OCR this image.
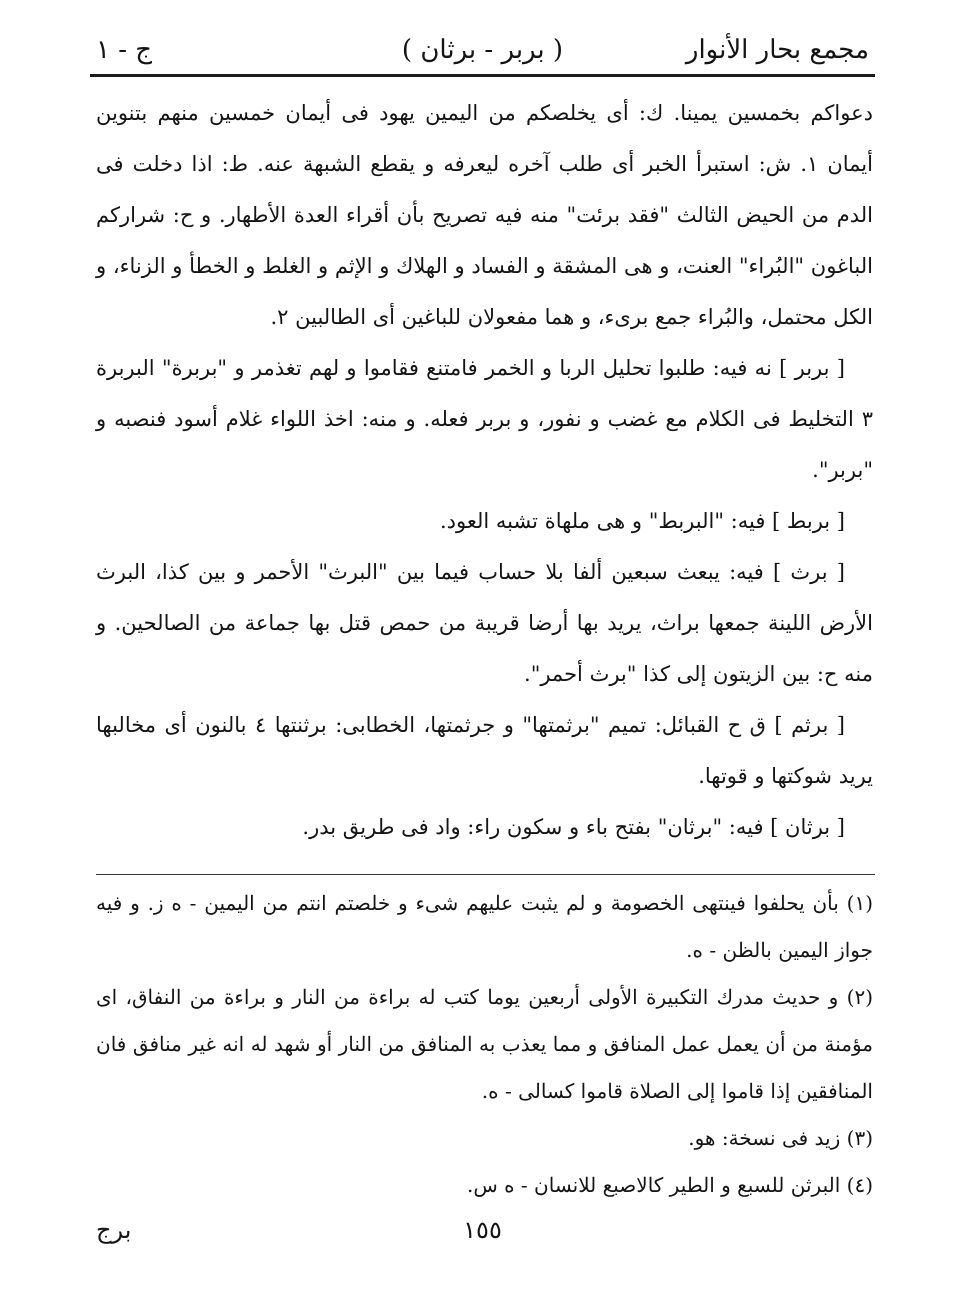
مجمع بحار الأنوار
( بربر - برثان )
ج - ١

دعواكم بخمسين يمينا. ك: أى يخلصكم من اليمين يهود فى أيمان خمسين منهم بتنوين أيمان ١. ش: استبرأ الخبر أى طلب آخره ليعرفه و يقطع الشبهة عنه. ط: اذا دخلت فى الدم من الحيض الثالث "فقد برئت" منه فيه تصريح بأن أقراء العدة الأطهار. و ح: شراركم الباغون "البُراء" العنت، و هى المشقة و الفساد و الهلاك و الإثم و الغلط و الخطأ و الزناء، و الكل محتمل، والبُراء جمع برىء، و هما مفعولان للباغين أى الطالبين ٢.

[ بربر ] نه فيه: طلبوا تحليل الربا و الخمر فامتنع فقاموا و لهم تغذمر و "بربرة" البربرة ٣ التخليط فى الكلام مع غضب و نفور، و بربر فعله. و منه: اخذ اللواء غلام أسود فنصبه و "بربر".

[ بربط ] فيه: "البربط" و هى ملهاة تشبه العود.

[ برث ] فيه: يبعث سبعين ألفا بلا حساب فيما بين "البرث" الأحمر و بين كذا، البرث الأرض اللينة جمعها براث، يريد بها أرضا قريبة من حمص قتل بها جماعة من الصالحين. و منه ح: بين الزيتون إلى كذا "برث أحمر".

[ برثم ] ق ح القبائل: تميم "برثمتها" و جرثمتها، الخطابى: برثنتها ٤ بالنون أى مخالبها يريد شوكتها و قوتها.

[ برثان ] فيه: "برثان" بفتح باء و سكون راء: واد فى طريق بدر.

(١) بأن يحلفوا فينتهى الخصومة و لم يثبت عليهم شىء و خلصتم انتم من اليمين - ه ز. و فيه جواز اليمين بالظن - ه.

(٢) و حديث مدرك التكبيرة الأولى أربعين يوما كتب له براءة من النار و براءة من النفاق، اى مؤمنة من أن يعمل عمل المنافق و مما يعذب به المنافق من النار أو شهد له انه غير منافق فان المنافقين إذا قاموا إلى الصلاة قاموا كسالى - ه.

(٣) زيد فى نسخة: هو.

(٤) البرثن للسبع و الطير كالاصبع للانسان - ه س.

١٥٥
برج
